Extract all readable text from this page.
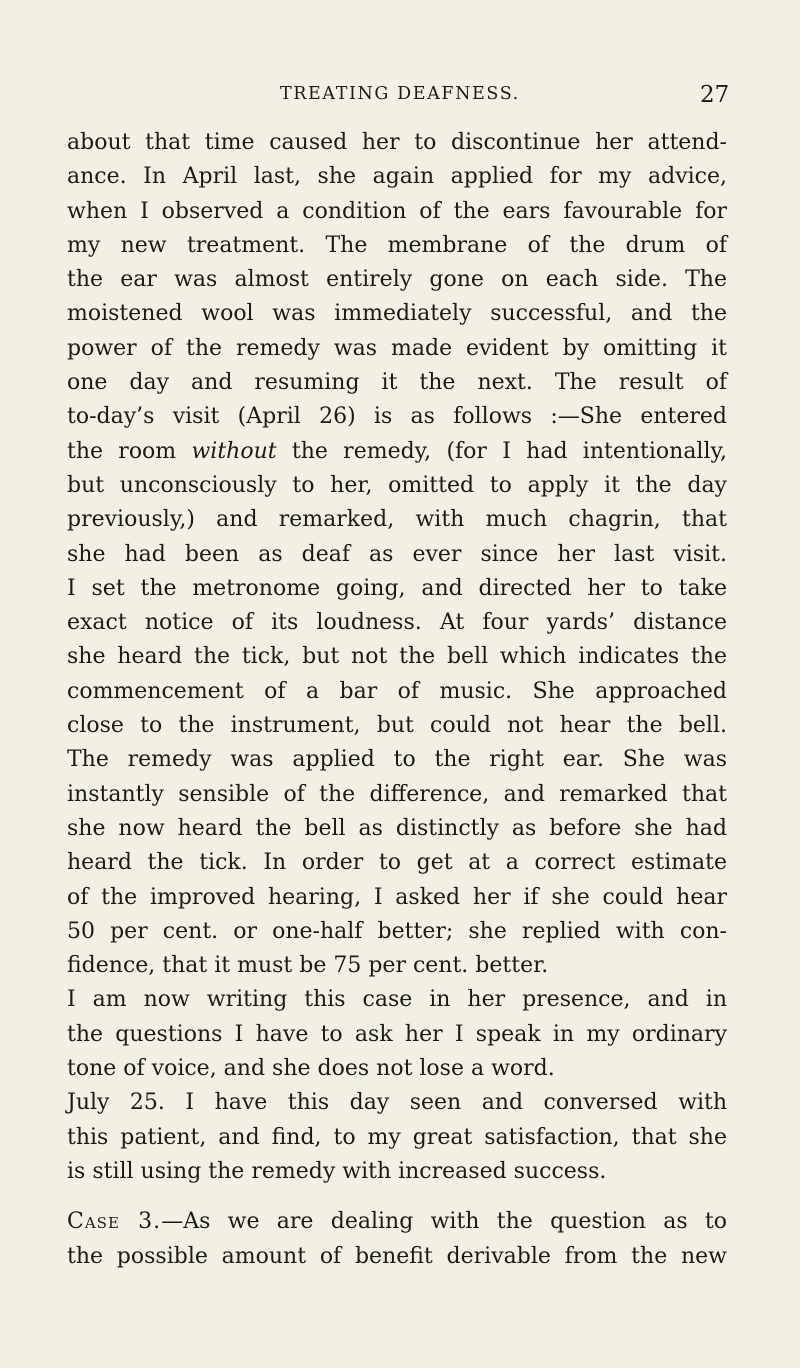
TREATING DEAFNESS.	27
about that time caused her to discontinue her attend-
ance. In April last, she again applied for my advice,
when I observed a condition of the ears favourable for
my new treatment. The membrane of the drum of
the ear was almost entirely gone on each side. The
moistened wool was immediately successful, and the
power of the remedy was made evident by omitting it
one day and resuming it the next. The result of
to-day’s visit (April 26) is as follows :—She entered
the room without the remedy, (for I had intentionally,
but unconsciously to her, omitted to apply it the day
previously,) and remarked, with much chagrin, that
she had been as deaf as ever since her last visit.
I set the metronome going, and directed her to take
exact notice of its loudness. At four yards’ distance
she heard the tick, but not the bell which indicates the
commencement of a bar of music. She approached
close to the instrument, but could not hear the bell.
The remedy was applied to the right ear. She was
instantly sensible of the difference, and remarked that
she now heard the bell as distinctly as before she had
heard the tick. In order to get at a correct estimate
of the improved hearing, I asked her if she could hear
50 per cent. or one-half better; she replied with con-
fidence, that it must be 75 per cent. better.
I am now writing this case in her presence, and in
the questions I have to ask her I speak in my ordinary
tone of voice, and she does not lose a word.
July 25. I have this day seen and conversed with
this patient, and find, to my great satisfaction, that she
is still using the remedy with increased success.
Case 3.—As we are dealing with the question as to
the possible amount of benefit derivable from the new
